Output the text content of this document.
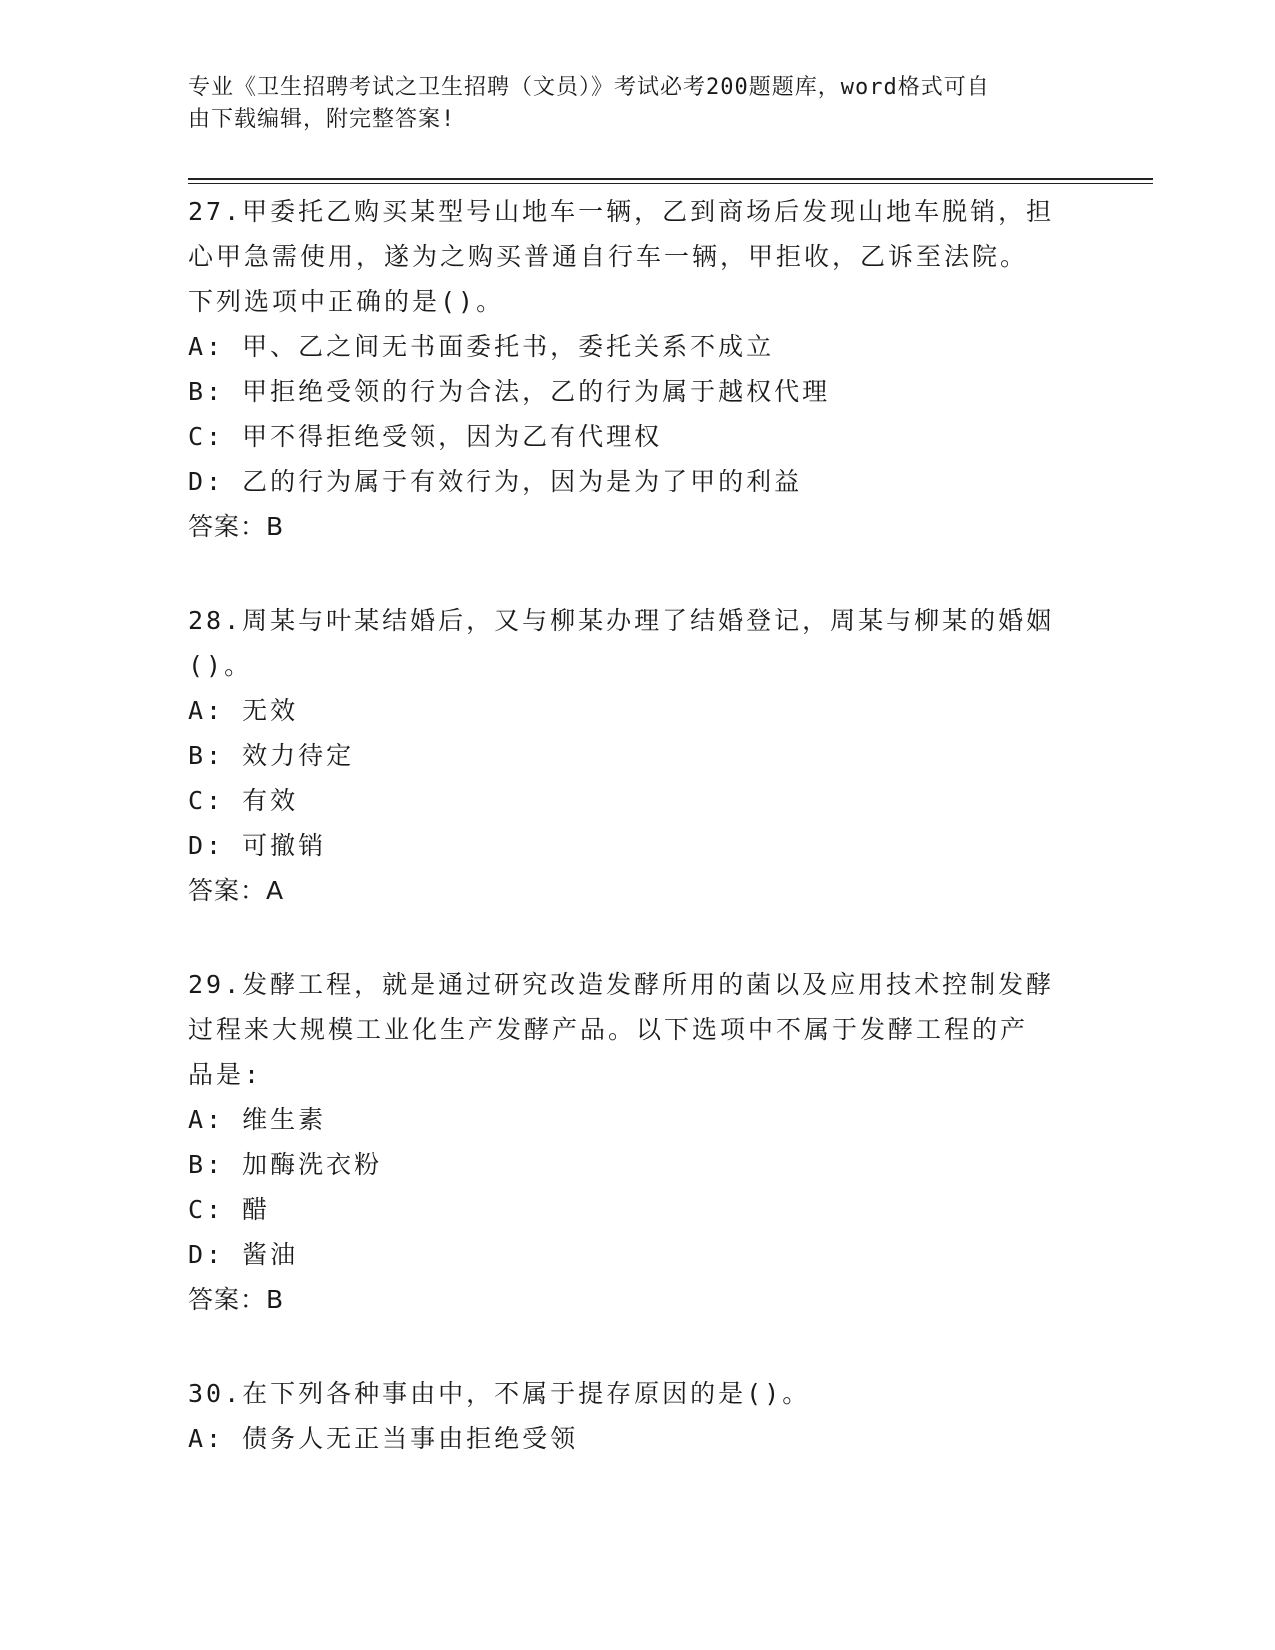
专业《卫生招聘考试之卫生招聘（文员）》考试必考200题题库，word格式可自
由下载编辑，附完整答案!

27.甲委托乙购买某型号山地车一辆，乙到商场后发现山地车脱销，担

心甲急需使用，遂为之购买普通自行车一辆，甲拒收，乙诉至法院。

下列选项中正确的是()。

A: 甲、乙之间无书面委托书，委托关系不成立

B: 甲拒绝受领的行为合法，乙的行为属于越权代理

C: 甲不得拒绝受领，因为乙有代理权

D: 乙的行为属于有效行为，因为是为了甲的利益

答案：B

28.周某与叶某结婚后，又与柳某办理了结婚登记，周某与柳某的婚姻

()。

A: 无效

B: 效力待定

C: 有效

D: 可撤销

答案：A

29.发酵工程，就是通过研究改造发酵所用的菌以及应用技术控制发酵

过程来大规模工业化生产发酵产品。以下选项中不属于发酵工程的产

品是:

A: 维生素

B: 加酶洗衣粉

C: 醋

D: 酱油

答案：B

30.在下列各种事由中，不属于提存原因的是()。

A: 债务人无正当事由拒绝受领
